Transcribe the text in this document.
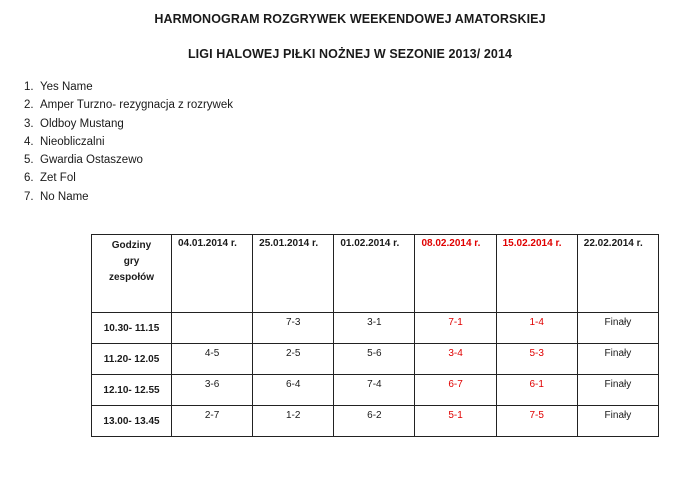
HARMONOGRAM ROZGRYWEK WEEKENDOWEJ AMATORSKIEJ
LIGI HALOWEJ PIŁKI NOŻNEJ W SEZONIE 2013/ 2014
1. Yes Name
2. Amper Turzno- rezygnacja z rozrywek
3. Oldboy Mustang
4. Nieobliczalni
5. Gwardia Ostaszewo
6. Zet Fol
7. No Name
Godziny
gry
zespołów	04.01.2014 r.	25.01.2014 r.	01.02.2014 r.	08.02.2014 r.	15.02.2014 r.	22.02.2014 r.
10.30- 11.15		7-3	3-1	7-1	1-4	Finały
11.20- 12.05	4-5	2-5	5-6	3-4	5-3	Finały
12.10- 12.55	3-6	6-4	7-4	6-7	6-1	Finały
13.00- 13.45	2-7	1-2	6-2	5-1	7-5	Finały
